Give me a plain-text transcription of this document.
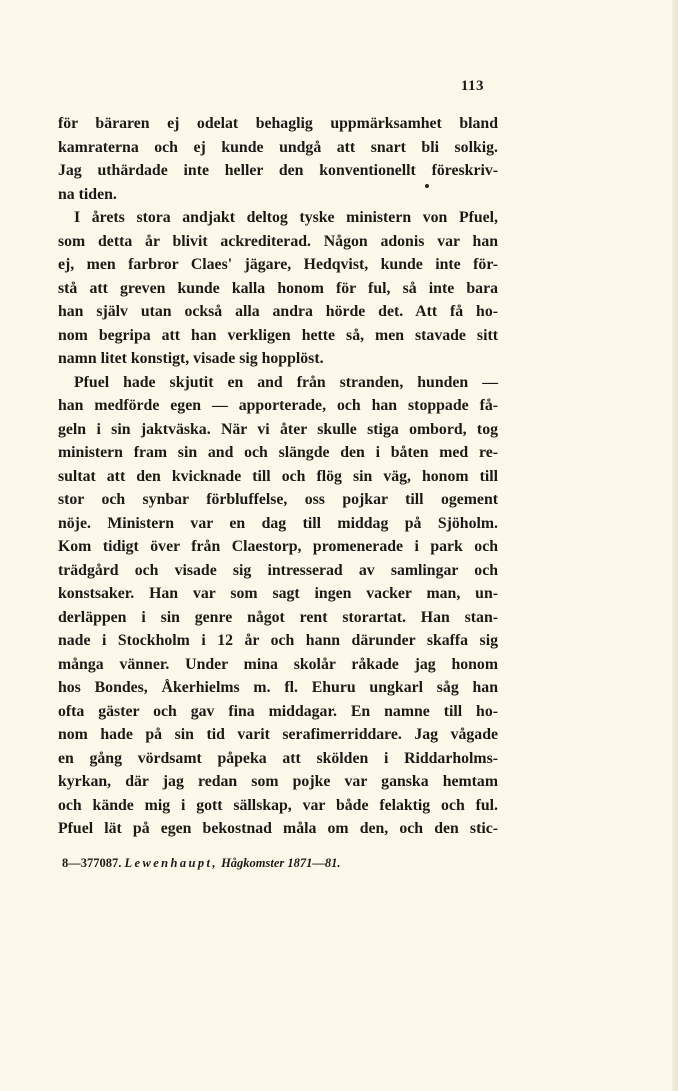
113
för bäraren ej odelat behaglig uppmärksamhet bland
kamraterna och ej kunde undgå att snart bli solkig.
Jag uthärdade inte heller den konventionellt föreskriv-
na tiden.
I årets stora andjakt deltog tyske ministern von Pfuel,
som detta år blivit ackrediterad. Någon adonis var han
ej, men farbror Claes' jägare, Hedqvist, kunde inte för-
stå att greven kunde kalla honom för ful, så inte bara
han själv utan också alla andra hörde det. Att få ho-
nom begripa att han verkligen hette så, men stavade sitt
namn litet konstigt, visade sig hopplöst.
Pfuel hade skjutit en and från stranden, hunden —
han medförde egen — apporterade, och han stoppade få-
geln i sin jaktväska. När vi åter skulle stiga ombord, tog
ministern fram sin and och slängde den i båten med re-
sultat att den kvicknade till och flög sin väg, honom till
stor och synbar förbluffelse, oss pojkar till ogement
nöje. Ministern var en dag till middag på Sjöholm.
Kom tidigt över från Claestorp, promenerade i park och
trädgård och visade sig intresserad av samlingar och
konstsaker. Han var som sagt ingen vacker man, un-
derläppen i sin genre något rent storartat. Han stan-
nade i Stockholm i 12 år och hann därunder skaffa sig
många vänner. Under mina skolår råkade jag honom
hos Bondes, Åkerhielms m. fl. Ehuru ungkarl såg han
ofta gäster och gav fina middagar. En namne till ho-
nom hade på sin tid varit serafimerriddare. Jag vågade
en gång vördsamt påpeka att skölden i Riddarholms-
kyrkan, där jag redan som pojke var ganska hemtam
och kände mig i gott sällskap, var både felaktig och ful.
Pfuel lät på egen bekostnad måla om den, och den stic-
8—377087. Lewenhaupt, Hågkomster 1871—81.
